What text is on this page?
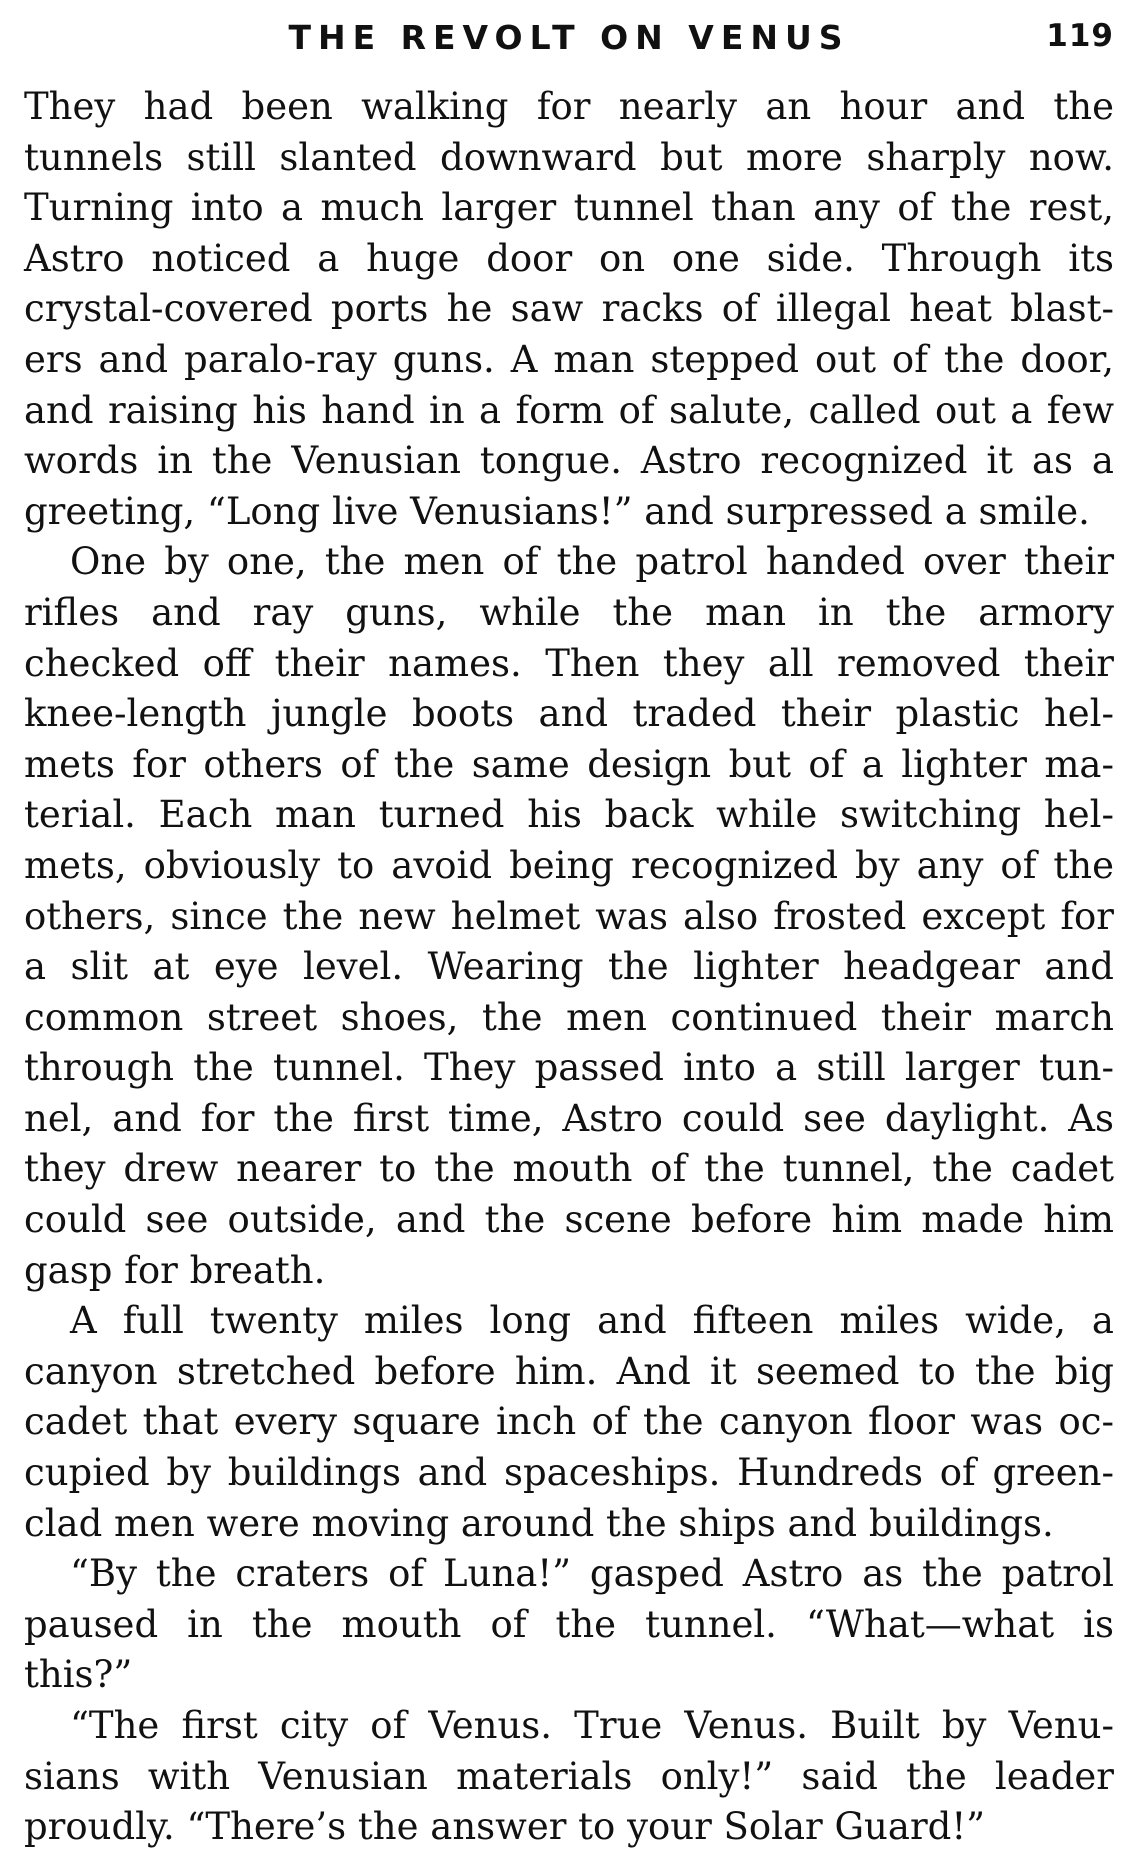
THE REVOLT ON VENUS	119
They had been walking for nearly an hour and the
tunnels still slanted downward but more sharply now.
Turning into a much larger tunnel than any of the rest,
Astro noticed a huge door on one side. Through its
crystal-covered ports he saw racks of illegal heat blast-
ers and paralo-ray guns. A man stepped out of the door,
and raising his hand in a form of salute, called out a few
words in the Venusian tongue. Astro recognized it as a
greeting, “Long live Venusians!” and surpressed a smile.
One by one, the men of the patrol handed over their
rifles and ray guns, while the man in the armory
checked off their names. Then they all removed their
knee-length jungle boots and traded their plastic hel-
mets for others of the same design but of a lighter ma-
terial. Each man turned his back while switching hel-
mets, obviously to avoid being recognized by any of the
others, since the new helmet was also frosted except for
a slit at eye level. Wearing the lighter headgear and
common street shoes, the men continued their march
through the tunnel. They passed into a still larger tun-
nel, and for the first time, Astro could see daylight. As
they drew nearer to the mouth of the tunnel, the cadet
could see outside, and the scene before him made him
gasp for breath.
A full twenty miles long and fifteen miles wide, a
canyon stretched before him. And it seemed to the big
cadet that every square inch of the canyon floor was oc-
cupied by buildings and spaceships. Hundreds of green-
clad men were moving around the ships and buildings.
“By the craters of Luna!” gasped Astro as the patrol
paused in the mouth of the tunnel. “What—what is
this?”
“The first city of Venus. True Venus. Built by Venu-
sians with Venusian materials only!” said the leader
proudly. “There’s the answer to your Solar Guard!”
